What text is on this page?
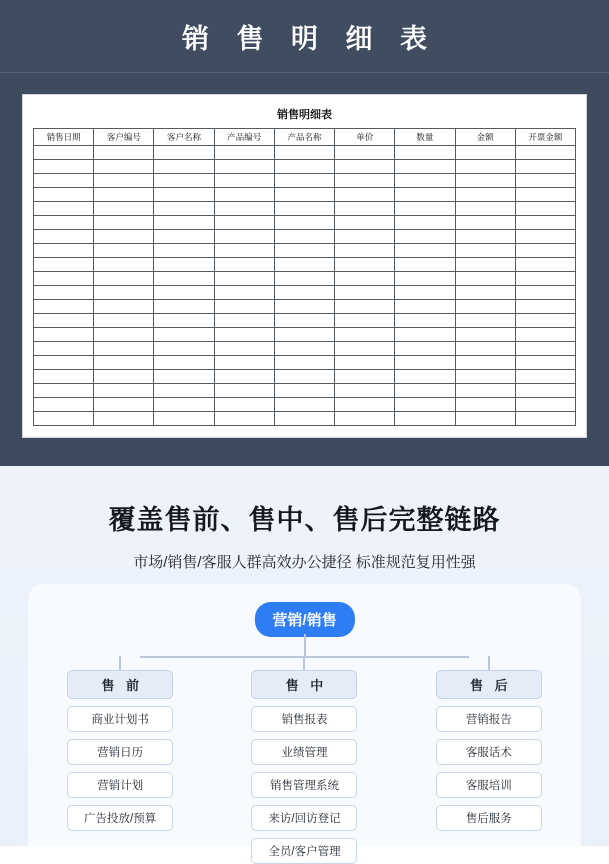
销 售 明 细 表
销售明细表
销售日期	客户编号	客户名称	产品编号	产品名称	单价	数量	金额	开票金额

覆盖售前、售中、售后完整链路
市场/销售/客服人群高效办公捷径 标准规范复用性强
营销/销售
售 前
商业计划书
营销日历
营销计划
广告投放/预算
售 中
销售报表
业绩管理
销售管理系统
来访/回访登记
全员/客户管理
售 后
营销报告
客服话术
客服培训
售后服务
